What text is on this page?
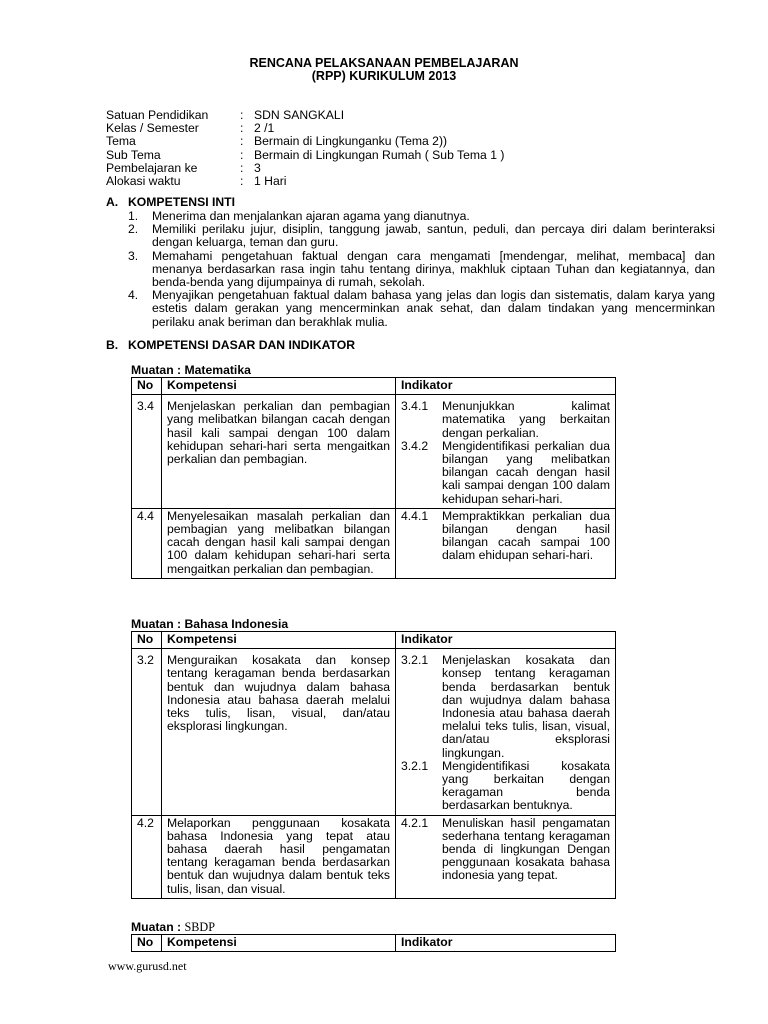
RENCANA PELAKSANAAN PEMBELAJARAN
(RPP) KURIKULUM 2013
Satuan Pendidikan	: SDN SANGKALI
Kelas / Semester	: 2 /1
Tema	: Bermain di Lingkunganku (Tema 2))
Sub Tema	: Bermain di Lingkungan Rumah ( Sub Tema 1 )
Pembelajaran ke	: 3
Alokasi waktu	: 1 Hari
A. KOMPETENSI INTI
1.	Menerima dan menjalankan ajaran agama yang dianutnya.
2.	Memiliki perilaku jujur, disiplin, tanggung jawab, santun, peduli, dan percaya diri dalam berinteraksi dengan keluarga, teman dan guru.
3.	Memahami pengetahuan faktual dengan cara mengamati [mendengar, melihat, membaca] dan menanya berdasarkan rasa ingin tahu tentang dirinya, makhluk ciptaan Tuhan dan kegiatannya, dan benda-benda yang dijumpainya di rumah, sekolah.
4.	Menyajikan pengetahuan faktual dalam bahasa yang jelas dan logis dan sistematis, dalam karya yang estetis dalam gerakan yang mencerminkan anak sehat, dan dalam tindakan yang mencerminkan perilaku anak beriman dan berakhlak mulia.
B. KOMPETENSI DASAR DAN INDIKATOR
Muatan : Matematika
No	Kompetensi	Indikator

3.4	Menjelaskan perkalian dan pembagian yang melibatkan bilangan cacah dengan hasil kali sampai dengan 100 dalam kehidupan sehari-hari serta mengaitkan perkalian dan pembagian.	3.4.1 Menunjukkan kalimat matematika yang berkaitan dengan perkalian.
3.4.2 Mengidentifikasi perkalian dua bilangan yang melibatkan bilangan cacah dengan hasil kali sampai dengan 100 dalam kehidupan sehari-hari.

4.4	Menyelesaikan masalah perkalian dan pembagian yang melibatkan bilangan cacah dengan hasil kali sampai dengan 100 dalam kehidupan sehari-hari serta mengaitkan perkalian dan pembagian.	4.4.1 Mempraktikkan perkalian dua bilangan dengan hasil bilangan cacah sampai 100 dalam ehidupan sehari-hari.
Muatan : Bahasa Indonesia
No	Kompetensi	Indikator

3.2	Menguraikan kosakata dan konsep tentang keragaman benda berdasarkan bentuk dan wujudnya dalam bahasa Indonesia atau bahasa daerah melalui teks tulis, lisan, visual, dan/atau eksplorasi lingkungan.	3.2.1 Menjelaskan kosakata dan konsep tentang keragaman benda berdasarkan bentuk dan wujudnya dalam bahasa Indonesia atau bahasa daerah melalui teks tulis, lisan, visual, dan/atau eksplorasi lingkungan.
3.2.1 Mengidentifikasi kosakata yang berkaitan dengan keragaman benda berdasarkan bentuknya.

4.2	Melaporkan penggunaan kosakata bahasa Indonesia yang tepat atau bahasa daerah hasil pengamatan tentang keragaman benda berdasarkan bentuk dan wujudnya dalam bentuk teks tulis, lisan, dan visual.	4.2.1 Menuliskan hasil pengamatan sederhana tentang keragaman benda di lingkungan Dengan penggunaan kosakata bahasa indonesia yang tepat.
Muatan : SBDP
No	Kompetensi	Indikator
www.gurusd.net
